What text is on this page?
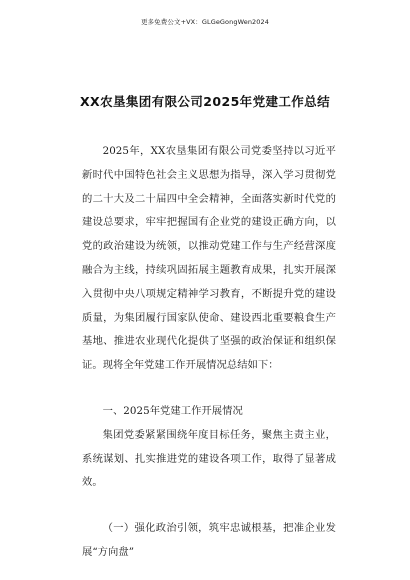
更多免费公文+VX：GLGeGongWen2024
XX农垦集团有限公司2025年党建工作总结

2025年，XX农垦集团有限公司党委坚持以习近平新时代中国特色社会主义思想为指导，深入学习贯彻党的二十大及二十届四中全会精神，全面落实新时代党的建设总要求，牢牢把握国有企业党的建设正确方向，以党的政治建设为统领，以推动党建工作与生产经营深度融合为主线，持续巩固拓展主题教育成果，扎实开展深入贯彻中央八项规定精神学习教育，不断提升党的建设质量，为集团履行国家队使命、建设西北重要粮食生产基地、推进农业现代化提供了坚强的政治保证和组织保证。现将全年党建工作开展情况总结如下：

一、2025年党建工作开展情况

集团党委紧紧围绕年度目标任务，聚焦主责主业，系统谋划、扎实推进党的建设各项工作，取得了显著成效。

（一）强化政治引领，筑牢忠诚根基，把准企业发展“方向盘”
